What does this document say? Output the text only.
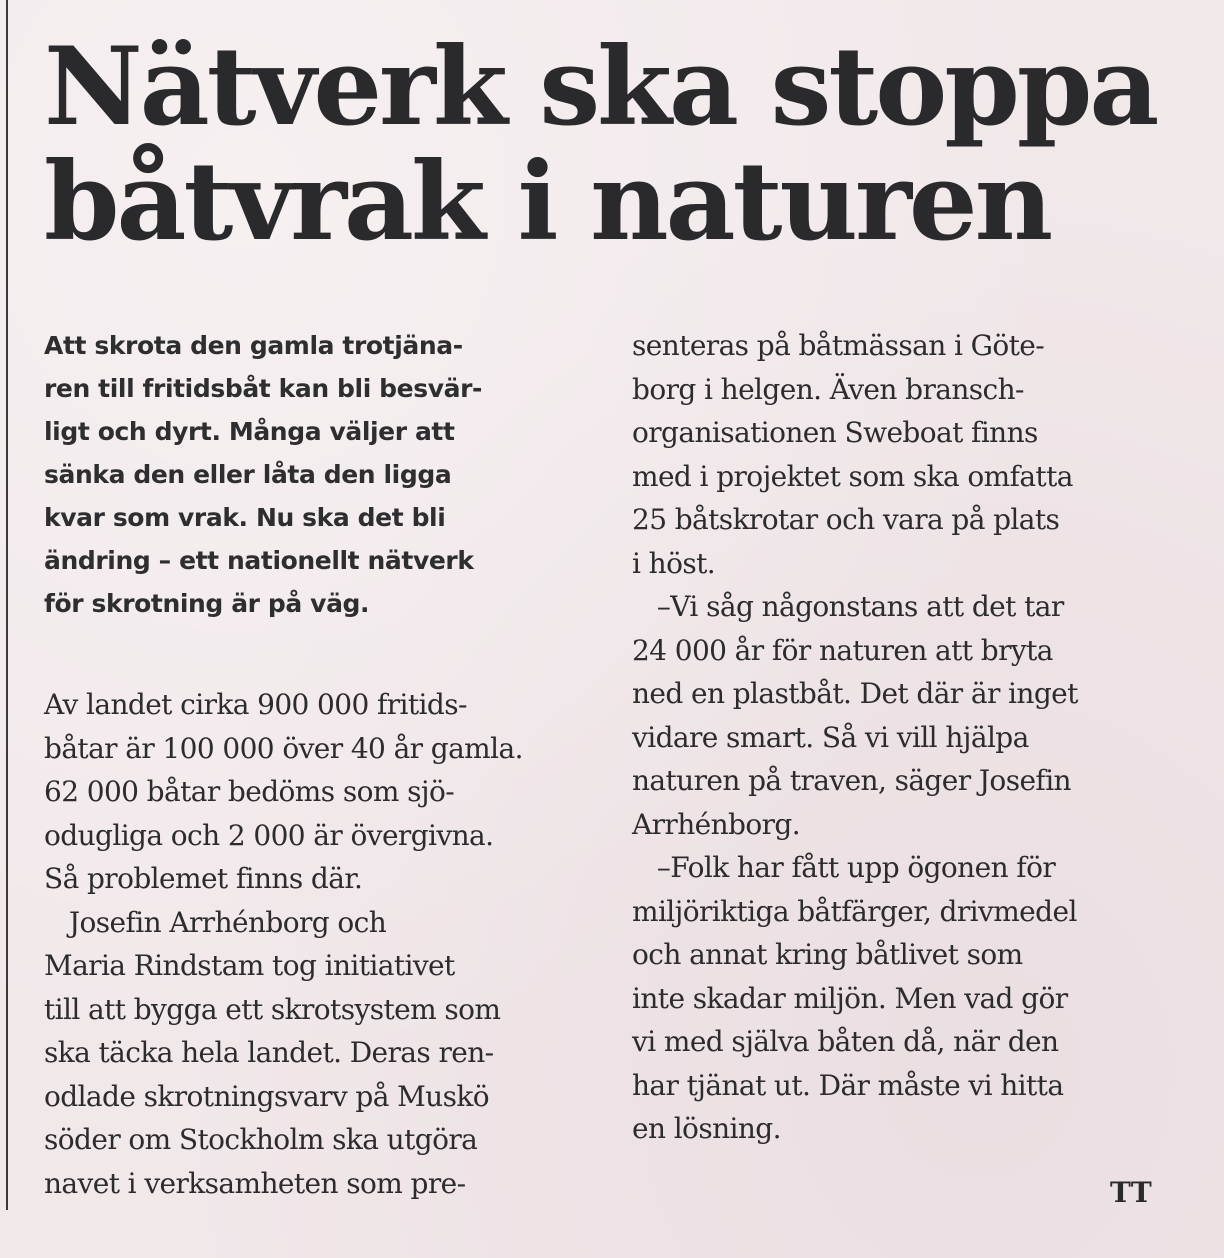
Nätverk ska stoppa
båtvrak i naturen

Att skrota den gamla trotjäna-
ren till fritidsbåt kan bli besvär-
ligt och dyrt. Många väljer att
sänka den eller låta den ligga
kvar som vrak. Nu ska det bli
ändring – ett nationellt nätverk
för skrotning är på väg.

Av landet cirka 900 000 fritids-
båtar är 100 000 över 40 år gamla.
62 000 båtar bedöms som sjö-
odugliga och 2 000 är övergivna.
Så problemet finns där.
Josefin Arrhénborg och
Maria Rindstam tog initiativet
till att bygga ett skrotsystem som
ska täcka hela landet. Deras ren-
odlade skrotningsvarv på Muskö
söder om Stockholm ska utgöra
navet i verksamheten som pre-

senteras på båtmässan i Göte-
borg i helgen. Även bransch-
organisationen Sweboat finns
med i projektet som ska omfatta
25 båtskrotar och vara på plats
i höst.
–Vi såg någonstans att det tar
24 000 år för naturen att bryta
ned en plastbåt. Det där är inget
vidare smart. Så vi vill hjälpa
naturen på traven, säger Josefin
Arrhénborg.
–Folk har fått upp ögonen för
miljöriktiga båtfärger, drivmedel
och annat kring båtlivet som
inte skadar miljön. Men vad gör
vi med själva båten då, när den
har tjänat ut. Där måste vi hitta
en lösning.

TT
